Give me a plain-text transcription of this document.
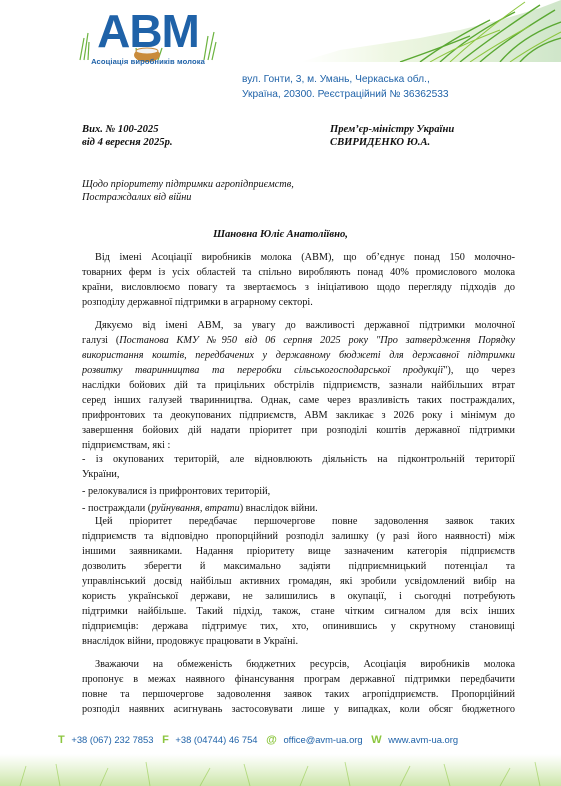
АВМ
Асоціація виробників молока
вул. Гонти, 3, м. Умань, Черкаська обл.,
Україна, 20300. Реєстраційний № 36362533
Вих. № 100-2025
від 4 вересня 2025р.
Прем’єр-міністру України
СВИРИДЕНКО Ю.А.
Щодо пріоритету підтримки агропідприємств,
Постраждалих від війни
Шановна Юліє Анатоліївно,
Від імені Асоціації виробників молока (АВМ), що об’єднує понад 150 молочно-
товарних ферм із усіх областей та спільно виробляють понад 40% промислового молока
країни, висловлюємо повагу та звертаємось з ініціативою щодо перегляду підходів до
розподілу державної підтримки в аграрному секторі.
Дякуємо від імені АВМ, за увагу до важливості державної підтримки молочної
галузі (Постанова КМУ №950 від 06 серпня 2025 року "Про затвердження Порядку
використання коштів, передбачених у державному бюджеті для державної підтримки
розвитку тваринництва та переробки сільськогосподарської продукції"), що через
наслідки бойових дій та прицільних обстрілів підприємств, зазнали найбільших втрат
серед інших галузей тваринництва. Однак, саме через вразливість таких постраждалих,
прифронтових та деокупованих підприємств, АВМ закликає з 2026 року і мінімум до
завершення бойових дій надати пріоритет при розподілі коштів державної підтримки
підприємствам, які :
- із окупованих територій, але відновлюють діяльність на підконтрольній території
України,
- релокувалися із прифронтових територій,
- постраждали (руйнування, втрати) внаслідок війни.
Цей пріоритет передбачає першочергове повне задоволення заявок таких
підприємств та відповідно пропорційний розподіл залишку (у разі його наявності) між
іншими заявниками. Надання пріоритету вище зазначеним категорія підприємств
дозволить зберегти й максимально задіяти підприємницький потенціал та
управлінський досвід найбільш активних громадян, які зробили усвідомлений вибір на
користь української держави, не залишились в окупації, і сьогодні потребують
підтримки найбільше. Такий підхід, також, стане чітким сигналом для всіх інших
підприємців: держава підтримує тих, хто, опинившись у скрутному становищі
внаслідок війни, продовжує працювати в Україні.
Зважаючи на обмеженість бюджетних ресурсів, Асоціація виробників молока
пропонує в межах наявного фінансування програм державної підтримки передбачити
повне та першочергове задоволення заявок таких агропідприємств. Пропорційний
розподіл наявних асигнувань застосовувати лише у випадках, коли обсяг бюджетного
T +38 (067) 232 7853 F +38 (04744) 46 754 @ office@avm-ua.org W www.avm-ua.org
